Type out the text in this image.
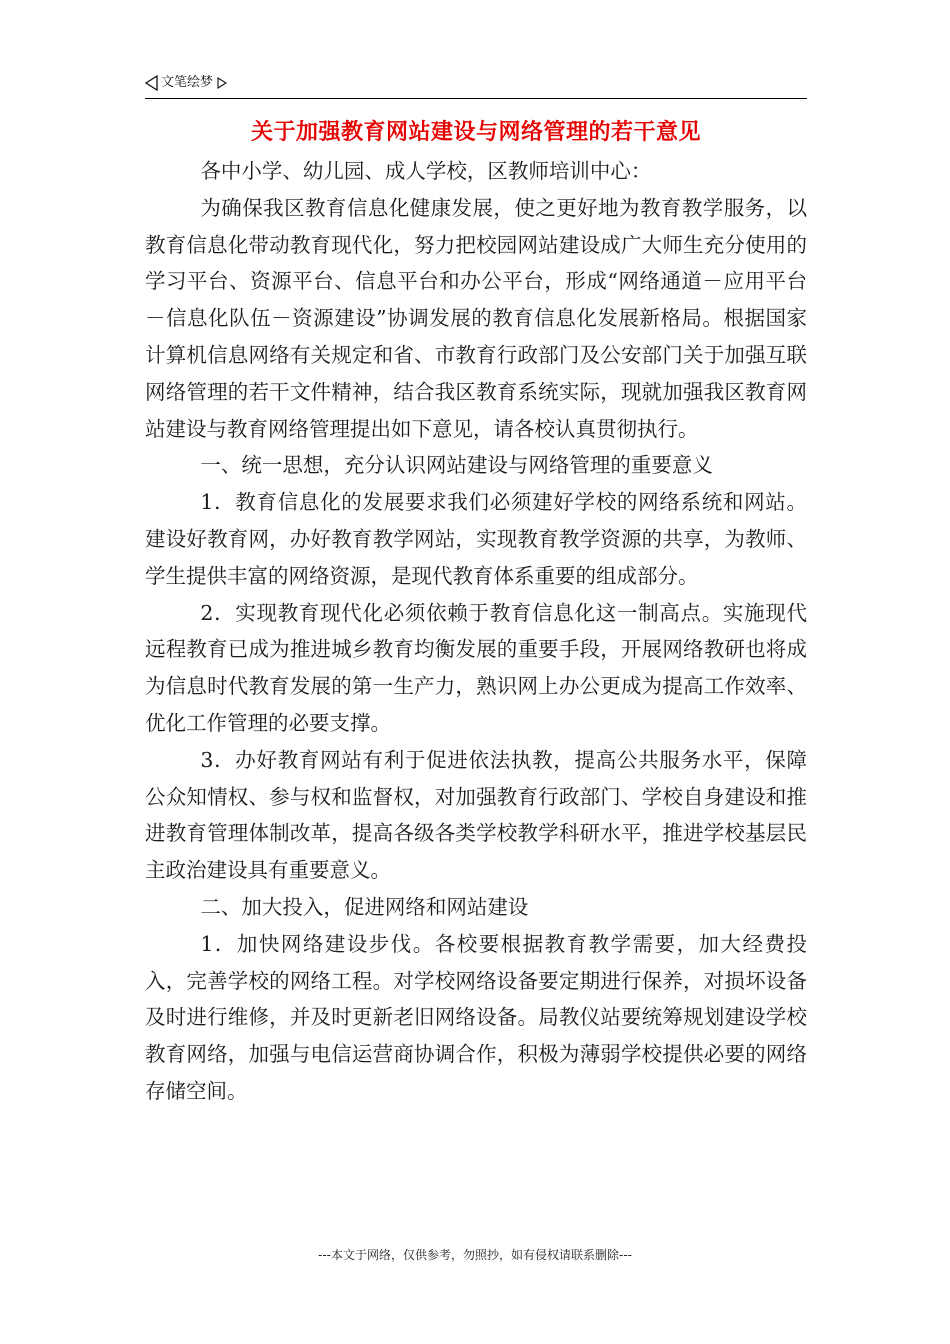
文笔绘梦
关于加强教育网站建设与网络管理的若干意见

各中小学、幼儿园、成人学校，区教师培训中心：

为确保我区教育信息化健康发展，使之更好地为教育教学服务，以教育信息化带动教育现代化，努力把校园网站建设成广大师生充分使用的学习平台、资源平台、信息平台和办公平台，形成“网络通道－应用平台－信息化队伍－资源建设”协调发展的教育信息化发展新格局。根据国家计算机信息网络有关规定和省、市教育行政部门及公安部门关于加强互联网络管理的若干文件精神，结合我区教育系统实际，现就加强我区教育网站建设与教育网络管理提出如下意见，请各校认真贯彻执行。

一、统一思想，充分认识网站建设与网络管理的重要意义

1．教育信息化的发展要求我们必须建好学校的网络系统和网站。建设好教育网，办好教育教学网站，实现教育教学资源的共享，为教师、学生提供丰富的网络资源，是现代教育体系重要的组成部分。

2．实现教育现代化必须依赖于教育信息化这一制高点。实施现代远程教育已成为推进城乡教育均衡发展的重要手段，开展网络教研也将成为信息时代教育发展的第一生产力，熟识网上办公更成为提高工作效率、优化工作管理的必要支撑。

3．办好教育网站有利于促进依法执教，提高公共服务水平，保障公众知情权、参与权和监督权，对加强教育行政部门、学校自身建设和推进教育管理体制改革，提高各级各类学校教学科研水平，推进学校基层民主政治建设具有重要意义。

二、加大投入，促进网络和网站建设

1．加快网络建设步伐。各校要根据教育教学需要，加大经费投入，完善学校的网络工程。对学校网络设备要定期进行保养，对损坏设备及时进行维修，并及时更新老旧网络设备。局教仪站要统筹规划建设学校教育网络，加强与电信运营商协调合作，积极为薄弱学校提供必要的网络存储空间。

---本文于网络，仅供参考，勿照抄，如有侵权请联系删除---
